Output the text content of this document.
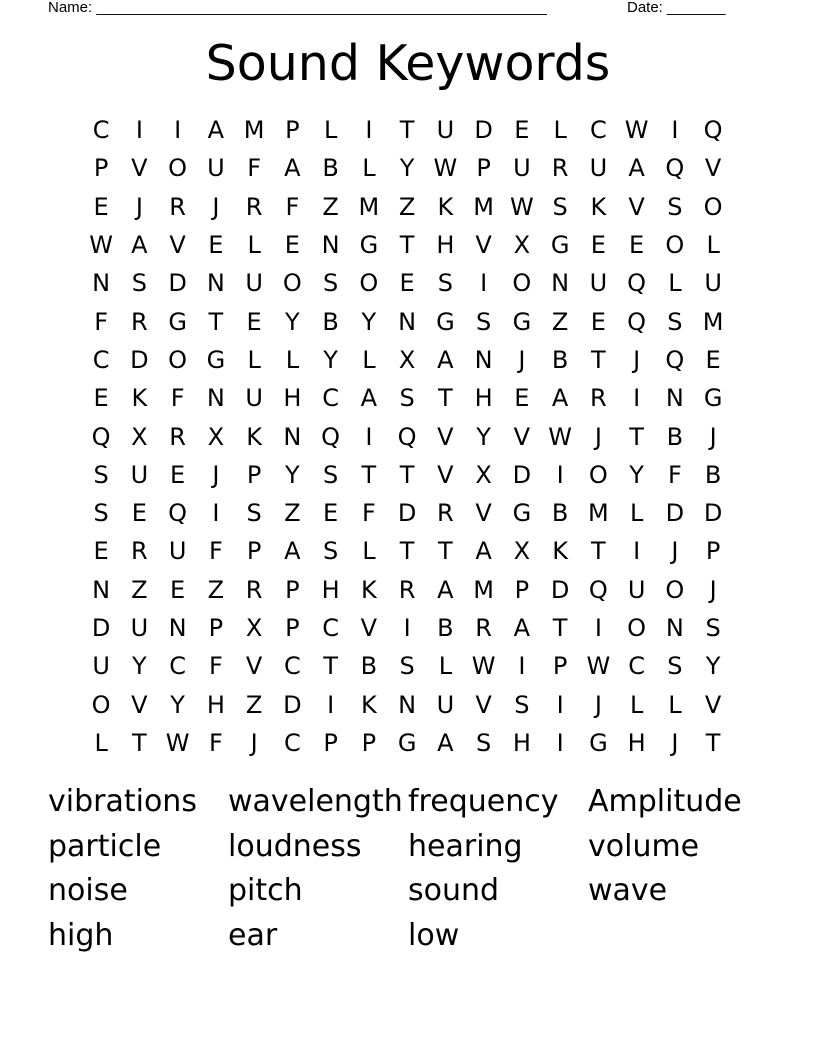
Name: ______________________________________________________	Date: _______
Sound Keywords
C	I	I	A M P	L	I	T U D E L C W I	Q
P V O U F A B L	Y W P U R U A Q V
E	J	R	J	R F Z M Z K M W S K V S O
W A V E L E N G T H V X G E E O L
N S D N U O S O E S	I	O N U Q L U
F R G T E Y B Y N G S G Z E Q S M
C D O G L	L	Y	L X A N	J	B T	J	Q E
E K F N U H C A S T H E A R	I	N G
Q X R X K N Q	I	Q V Y V W J	T B	J
S U E	J	P Y S T T V X D	I	O Y	F B
S E Q	I	S Z E F D R V G B M L D D
E R U F	P A S L	T T A X K T	I	J	P
N Z E Z R P H K R A M P D Q U O	J
D U N P X P C V	I	B R A T	I	O N S
U Y C F V C T B S L W I	P W C S Y
O V Y H Z D	I	K N U V S	I	J	L	L V
L	T W F	J	C P P G A S H	I	G H	J	T
vibrations	wavelength frequency Amplitude
particle	loudness	hearing	volume
noise	pitch	sound	wave
high	ear	low
